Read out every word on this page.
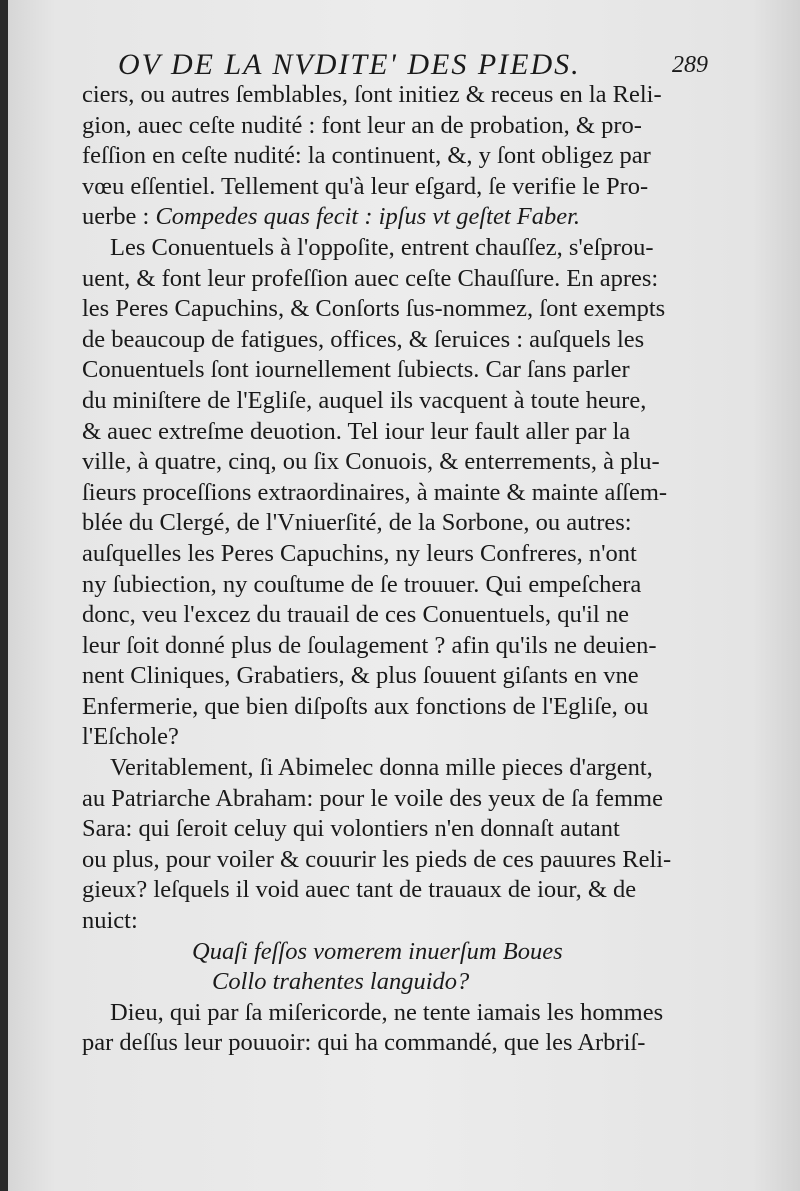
OV DE LA NVDITE' DES PIEDS.	289
ciers, ou autres ſemblables, ſont initiez & receus en la Reli-
gion, auec ceſte nudité : font leur an de probation, & pro-
feſſion en ceſte nudité: la continuent, &, y ſont obligez par
vœu eſſentiel. Tellement qu'à leur eſgard, ſe verifie le Pro-
uerbe : Compedes quas fecit : ipſus vt geſtet Faber.
Les Conuentuels à l'oppoſite, entrent chauſſez, s'eſprou-
uent, & font leur profeſſion auec ceſte Chauſſure. En apres:
les Peres Capuchins, & Conſorts ſus-nommez, ſont exempts
de beaucoup de fatigues, offices, & ſeruices : auſquels les
Conuentuels ſont iournellement ſubiects. Car ſans parler
du miniſtere de l'Egliſe, auquel ils vacquent à toute heure,
& auec extreſme deuotion. Tel iour leur fault aller par la
ville, à quatre, cinq, ou ſix Conuois, & enterrements, à plu-
ſieurs proceſſions extraordinaires, à mainte & mainte aſſem-
blée du Clergé, de l'Vniuerſité, de la Sorbone, ou autres:
auſquelles les Peres Capuchins, ny leurs Confreres, n'ont
ny ſubiection, ny couſtume de ſe trouuer. Qui empeſchera
donc, veu l'excez du trauail de ces Conuentuels, qu'il ne
leur ſoit donné plus de ſoulagement ? afin qu'ils ne deuien-
nent Cliniques, Grabatiers, & plus ſouuent giſants en vne
Enfermerie, que bien diſpoſts aux fonctions de l'Egliſe, ou
l'Eſchole?
Veritablement, ſi Abimelec donna mille pieces d'argent,
au Patriarche Abraham: pour le voile des yeux de ſa femme
Sara: qui ſeroit celuy qui volontiers n'en donnaſt autant
ou plus, pour voiler & couurir les pieds de ces pauures Reli-
gieux? leſquels il void auec tant de trauaux de iour, & de
nuict:
Quaſi feſſos vomerem inuerſum Boues
Collo trahentes languido?
Dieu, qui par ſa miſericorde, ne tente iamais les hommes
par deſſus leur pouuoir: qui ha commandé, que les Arbriſ-
